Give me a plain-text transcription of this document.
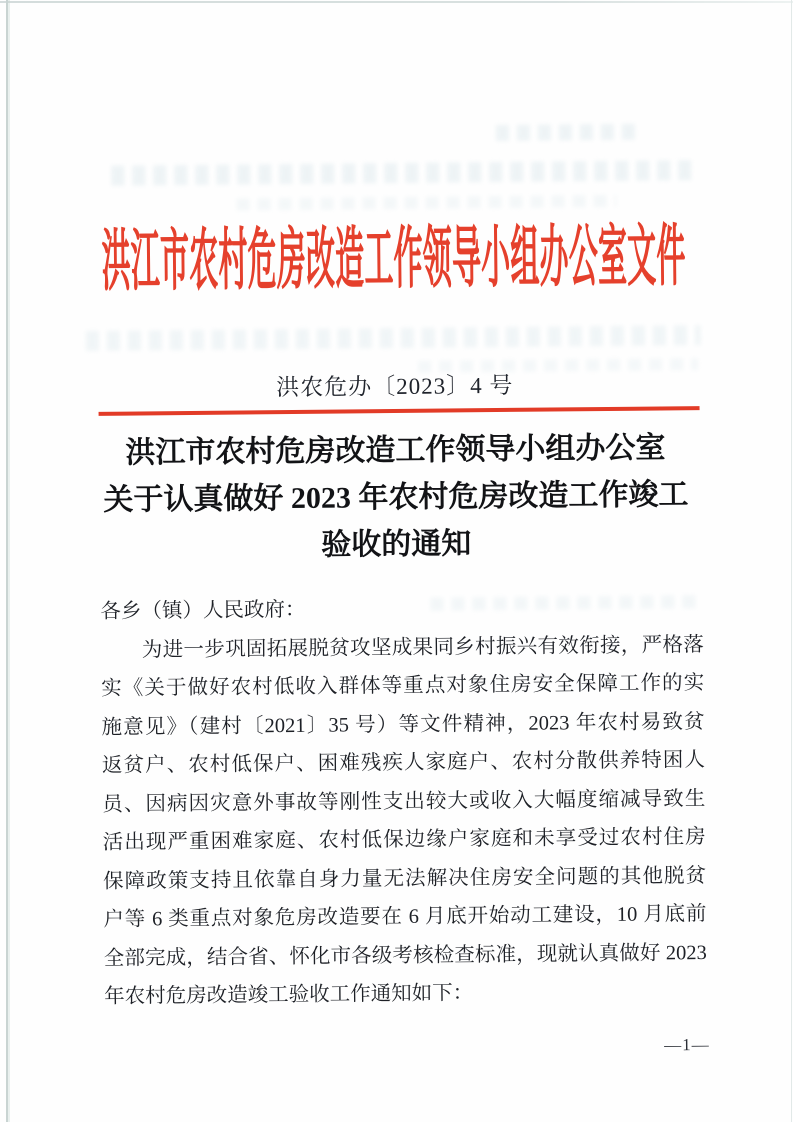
洪江市农村危房改造工作领导小组办公室文件
洪农危办〔2023〕4 号
洪江市农村危房改造工作领导小组办公室
关于认真做好 2023 年农村危房改造工作竣工
验收的通知
各乡（镇）人民政府：
为进一步巩固拓展脱贫攻坚成果同乡村振兴有效衔接，严格落
实《关于做好农村低收入群体等重点对象住房安全保障工作的实
施意见》（建村〔2021〕35 号）等文件精神，2023 年农村易致贫
返贫户、农村低保户、困难残疾人家庭户、农村分散供养特困人
员、因病因灾意外事故等刚性支出较大或收入大幅度缩减导致生
活出现严重困难家庭、农村低保边缘户家庭和未享受过农村住房
保障政策支持且依靠自身力量无法解决住房安全问题的其他脱贫
户等 6 类重点对象危房改造要在 6 月底开始动工建设，10 月底前
全部完成，结合省、怀化市各级考核检查标准，现就认真做好 2023
年农村危房改造竣工验收工作通知如下：
—1—
